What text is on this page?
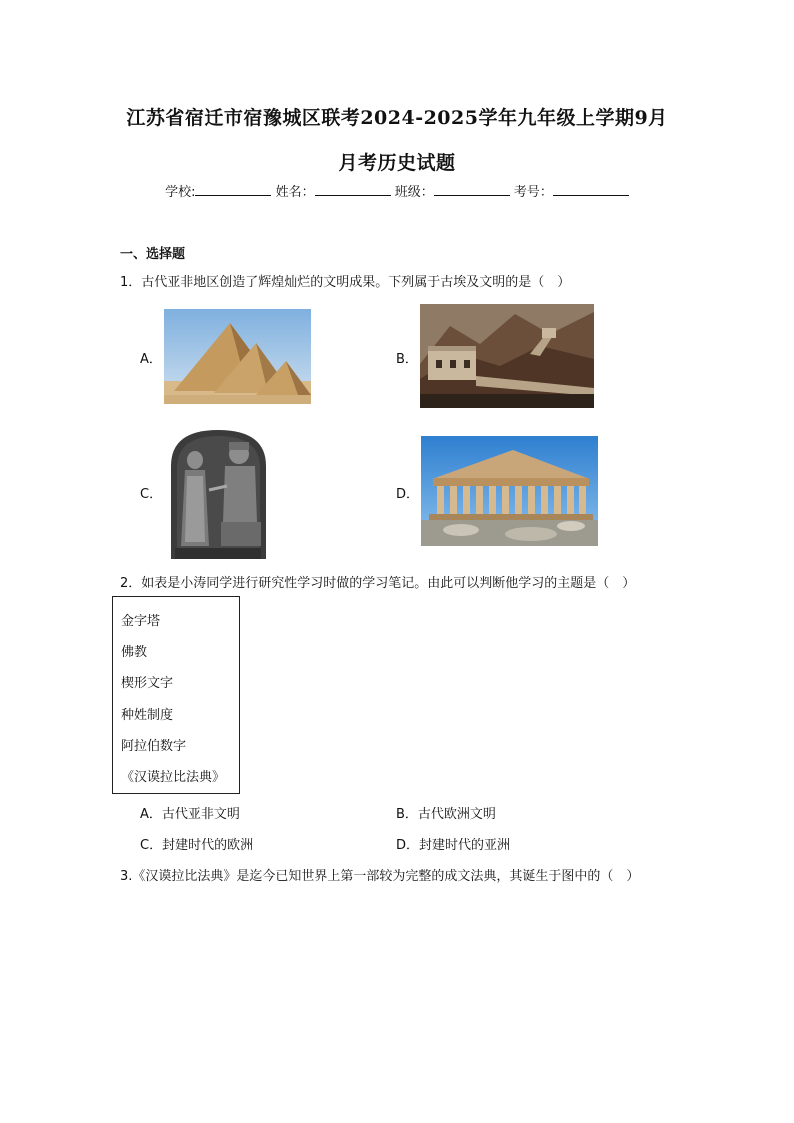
江苏省宿迁市宿豫城区联考2024-2025学年九年级上学期9月
月考历史试题
学校:	姓名：	班级：	考号：
一、选择题
1．古代亚非地区创造了辉煌灿烂的文明成果。下列属于古埃及文明的是（　）
A．	B．
C．	D．
2．如表是小涛同学进行研究性学习时做的学习笔记。由此可以判断他学习的主题是（　）
金字塔
佛教
楔形文字
种姓制度
阿拉伯数字
《汉谟拉比法典》
A．古代亚非文明	B．古代欧洲文明
C．封建时代的欧洲	D．封建时代的亚洲
3.《汉谟拉比法典》是迄今已知世界上第一部较为完整的成文法典，其诞生于图中的（　）
